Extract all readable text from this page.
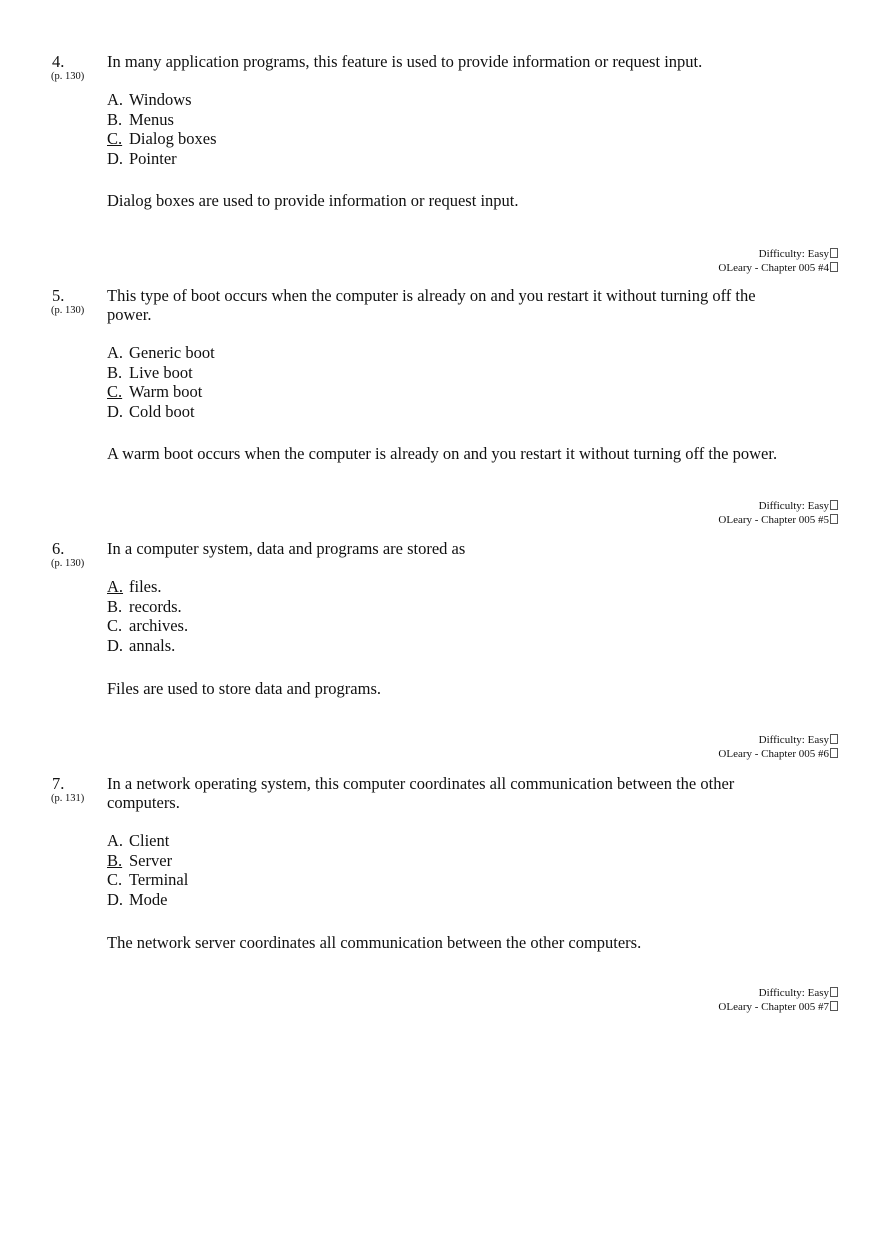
4.
(p. 130)
In many application programs, this feature is used to provide information or request input.
A. Windows
B. Menus
C. Dialog boxes
D. Pointer
Dialog boxes are used to provide information or request input.
Difficulty: Easy
OLeary - Chapter 005 #4
5.
(p. 130)
This type of boot occurs when the computer is already on and you restart it without turning off the power.
A. Generic boot
B. Live boot
C. Warm boot
D. Cold boot
A warm boot occurs when the computer is already on and you restart it without turning off the power.
Difficulty: Easy
OLeary - Chapter 005 #5
6.
(p. 130)
In a computer system, data and programs are stored as
A. files.
B. records.
C. archives.
D. annals.
Files are used to store data and programs.
Difficulty: Easy
OLeary - Chapter 005 #6
7.
(p. 131)
In a network operating system, this computer coordinates all communication between the other computers.
A. Client
B. Server
C. Terminal
D. Mode
The network server coordinates all communication between the other computers.
Difficulty: Easy
OLeary - Chapter 005 #7
